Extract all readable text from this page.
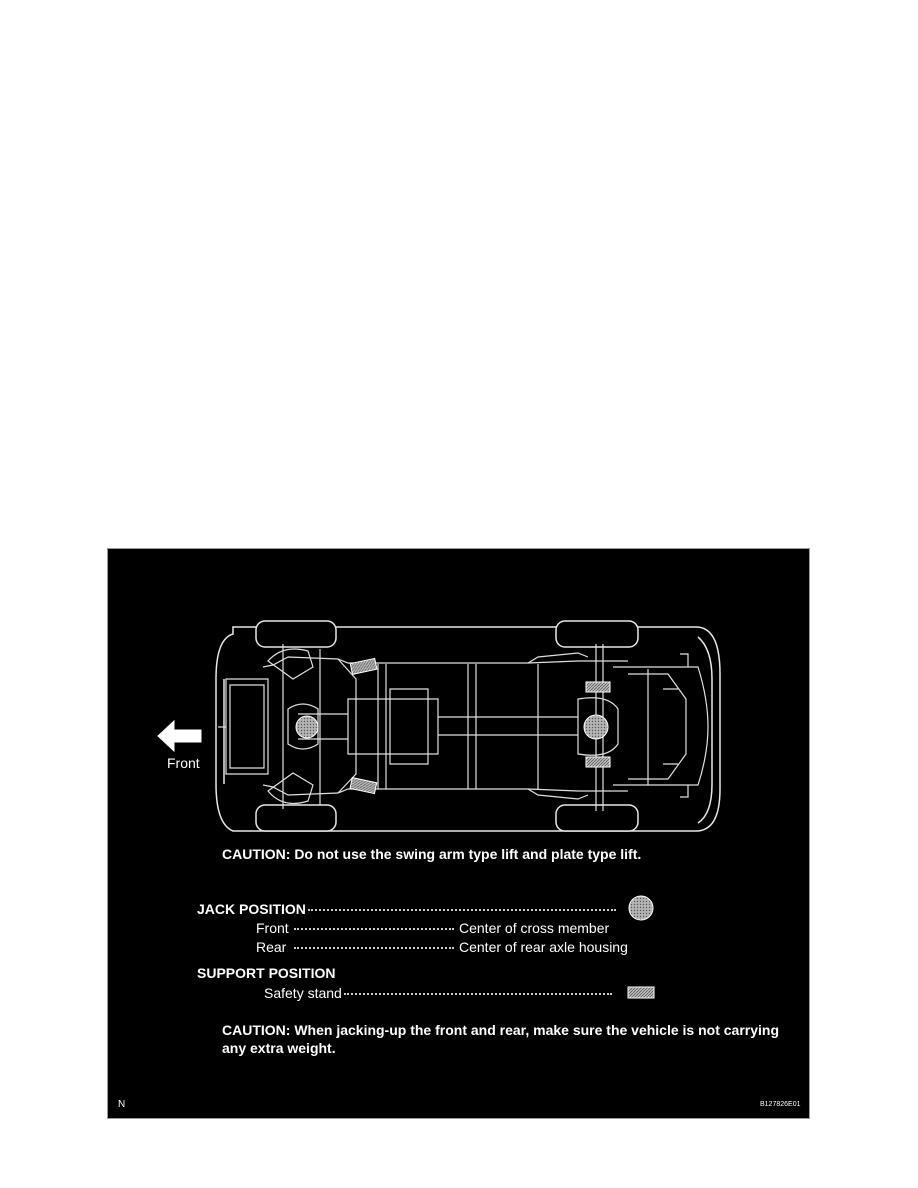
Front
CAUTION: Do not use the swing arm type lift and plate type lift.
JACK POSITION
Front	Center of cross member
Rear	Center of rear axle housing
SUPPORT POSITION
Safety stand
CAUTION: When jacking-up the front and rear, make sure the vehicle is not carrying
any extra weight.
N	B127826E01
